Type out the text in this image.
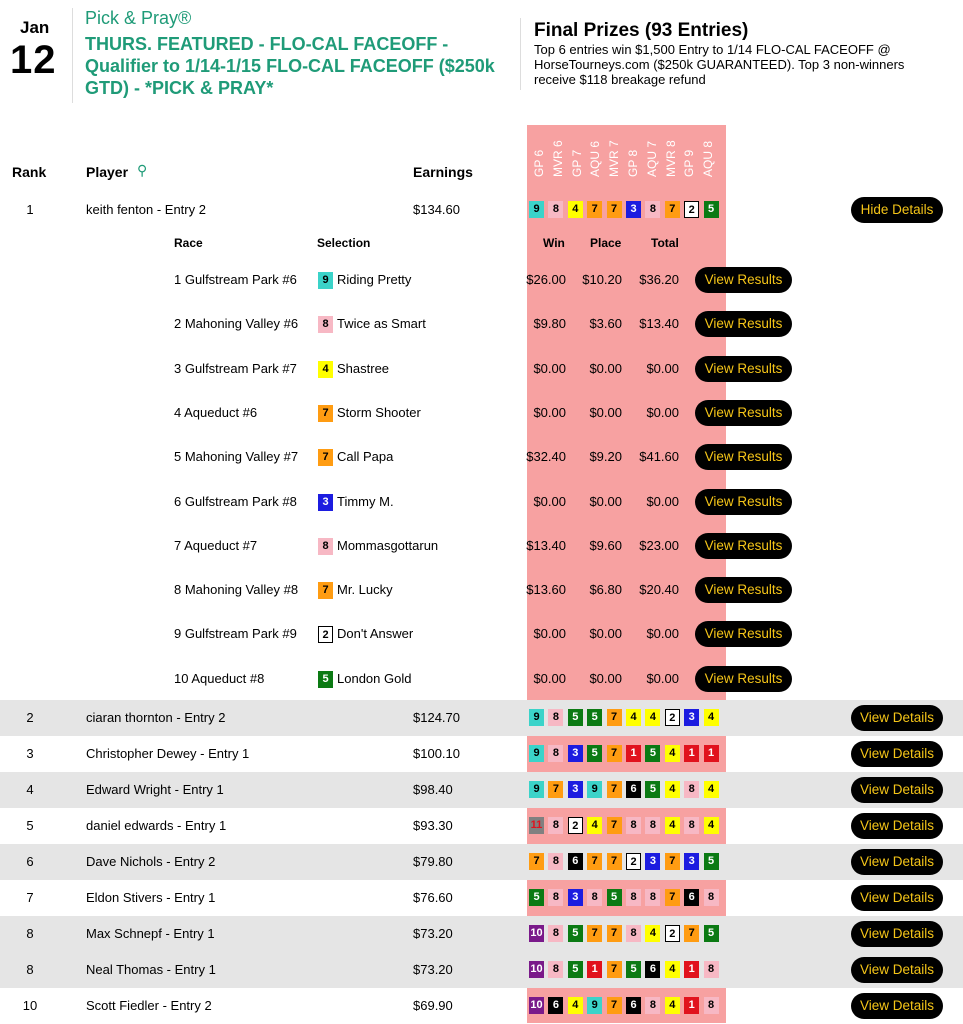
Jan
12
Pick & Pray®
THURS. FEATURED - FLO-CAL FACEOFF - Qualifier to 1/14-1/15 FLO-CAL FACEOFF ($250k GTD) - *PICK & PRAY*
Final Prizes (93 Entries)
Top 6 entries win $1,500 Entry to 1/14 FLO-CAL FACEOFF @ HorseTourneys.com ($250k GUARANTEED). Top 3 non-winners receive $118 breakage refund
GP 6 MVR 6 GP 7 AQU 6 MVR 7 GP 8 AQU 7 MVR 8 GP 9 AQU 8
Rank	Player ⚲	Earnings
1	keith fenton - Entry 2	$134.60	9	8	4	7	7	3	8	7	2	5	Hide Details
2	ciaran thornton - Entry 2	$124.70	9	8	5	5	7	4	4	2	3	4	View Details
3	Christopher Dewey - Entry 1	$100.10	9	8	3	5	7	1	5	4	1	1	View Details
4	Edward Wright - Entry 1	$98.40	9	7	3	9	7	6	5	4	8	4	View Details
5	daniel edwards - Entry 1	$93.30	11 8	2	4	7	8	8	4	8	4	View Details
6	Dave Nichols - Entry 2	$79.80	7	8	6	7	7	2	3	7	3	5	View Details
7	Eldon Stivers - Entry 1	$76.60	5	8	3	8	5	8	8	7	6	8	View Details
8	Max Schnepf - Entry 1	$73.20	10 8	5	7	7	8	4	2	7	5	View Details
8	Neal Thomas - Entry 1	$73.20	10 8	5	1	7	5	6	4	1	8	View Details
10	Scott Fiedler - Entry 2	$69.90	10 6	4	9	7	6	8	4	1	8	View Details
Race	Selection	Win Place Total
1 Gulfstream Park #6	9 Riding Pretty	$26.00	$10.20	$36.20	View Results
2 Mahoning Valley #6	8 Twice as Smart	$9.80	$3.60	$13.40	View Results
3 Gulfstream Park #7	4 Shastree	$0.00	$0.00	$0.00	View Results
4 Aqueduct #6	7 Storm Shooter	$0.00	$0.00	$0.00	View Results
5 Mahoning Valley #7	7 Call Papa	$32.40	$9.20	$41.60	View Results
6 Gulfstream Park #8	3 Timmy M.	$0.00	$0.00	$0.00	View Results
7 Aqueduct #7	8 Mommasgottarun	$13.40	$9.60	$23.00	View Results
8 Mahoning Valley #8	7 Mr. Lucky	$13.60	$6.80	$20.40	View Results
9 Gulfstream Park #9	2 Don't Answer	$0.00	$0.00	$0.00	View Results
10 Aqueduct #8	5 London Gold	$0.00	$0.00	$0.00	View Results
